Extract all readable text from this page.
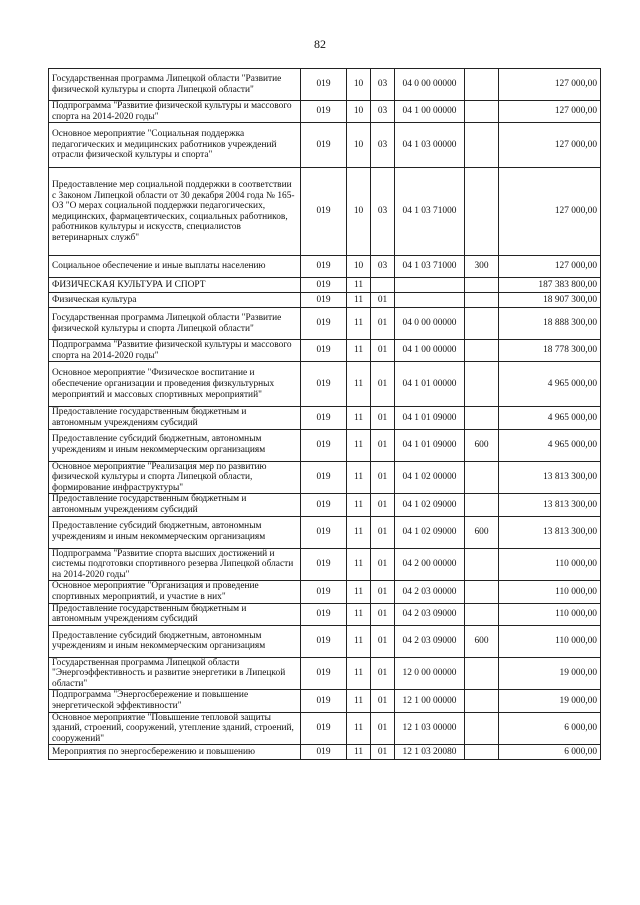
82
Государственная программа Липецкой области "Развитие физической культуры и спорта Липецкой области"	019	10	03	04 0 00 00000		127 000,00
Подпрограмма "Развитие физической культуры и массового спорта на 2014-2020 годы"	019	10	03	04 1 00 00000		127 000,00
Основное мероприятие "Социальная поддержка педагогических и медицинских работников учреждений отрасли физической культуры и спорта"	019	10	03	04 1 03 00000		127 000,00
Предоставление мер социальной поддержки в соответствии с Законом Липецкой области от 30 декабря 2004 года № 165-ОЗ "О мерах социальной поддержки педагогических, медицинских, фармацевтических, социальных работников, работников культуры и искусств, специалистов ветеринарных служб"	019	10	03	04 1 03 71000		127 000,00
Социальное обеспечение и иные выплаты населению	019	10	03	04 1 03 71000	300	127 000,00
ФИЗИЧЕСКАЯ КУЛЬТУРА И СПОРТ	019	11				187 383 800,00
Физическая культура	019	11	01			18 907 300,00
Государственная программа Липецкой области "Развитие физической культуры и спорта Липецкой области"	019	11	01	04 0 00 00000		18 888 300,00
Подпрограмма "Развитие физической культуры и массового спорта на 2014-2020 годы"	019	11	01	04 1 00 00000		18 778 300,00
Основное мероприятие "Физическое воспитание и обеспечение организации и проведения физкультурных мероприятий и массовых спортивных мероприятий"	019	11	01	04 1 01 00000		4 965 000,00
Предоставление государственным бюджетным и автономным учреждениям субсидий	019	11	01	04 1 01 09000		4 965 000,00
Предоставление субсидий бюджетным, автономным учреждениям и иным некоммерческим организациям	019	11	01	04 1 01 09000	600	4 965 000,00
Основное мероприятие "Реализация мер по развитию физической культуры и спорта Липецкой области, формирование инфраструктуры"	019	11	01	04 1 02 00000		13 813 300,00
Предоставление государственным бюджетным и автономным учреждениям субсидий	019	11	01	04 1 02 09000		13 813 300,00
Предоставление субсидий бюджетным, автономным учреждениям и иным некоммерческим организациям	019	11	01	04 1 02 09000	600	13 813 300,00
Подпрограмма "Развитие спорта высших достижений и системы подготовки спортивного резерва Липецкой области на 2014-2020 годы"	019	11	01	04 2 00 00000		110 000,00
Основное мероприятие "Организация и проведение спортивных мероприятий, и участие в них"	019	11	01	04 2 03 00000		110 000,00
Предоставление государственным бюджетным и автономным учреждениям субсидий	019	11	01	04 2 03 09000		110 000,00
Предоставление субсидий бюджетным, автономным учреждениям и иным некоммерческим организациям	019	11	01	04 2 03 09000	600	110 000,00
Государственная программа Липецкой области "Энергоэффективность и развитие энергетики в Липецкой области"	019	11	01	12 0 00 00000		19 000,00
Подпрограмма "Энергосбережение и повышение энергетической эффективности"	019	11	01	12 1 00 00000		19 000,00
Основное мероприятие "Повышение тепловой защиты зданий, строений, сооружений, утепление зданий, строений, сооружений"	019	11	01	12 1 03 00000		6 000,00
Мероприятия по энергосбережению и повышению	019	11	01	12 1 03 20080		6 000,00
